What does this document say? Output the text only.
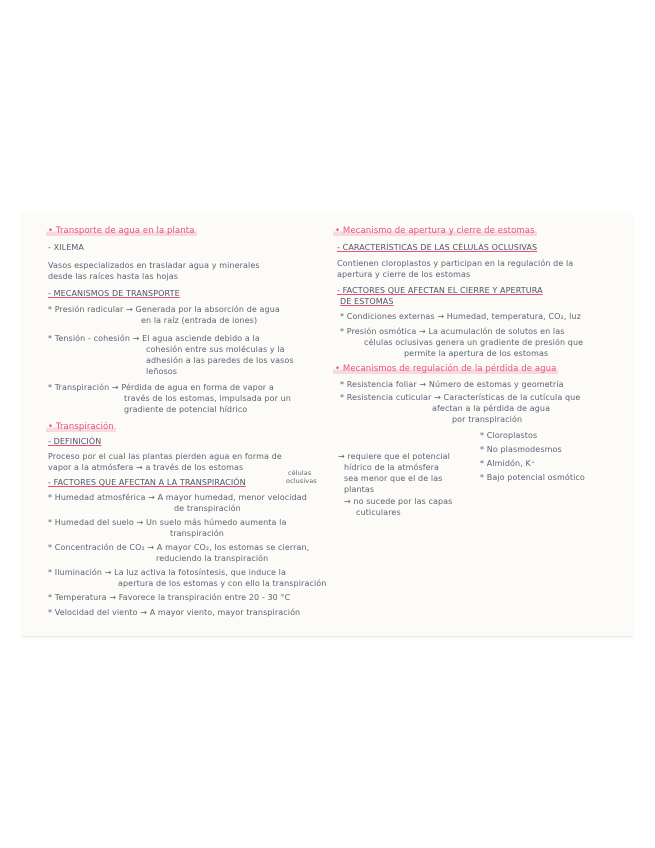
• Transporte de agua en la planta

- XILEMA

Vasos especializados en trasladar agua y minerales

desde las raíces hasta las hojas

- MECANISMOS DE TRANSPORTE

* Presión radicular → Generada por la absorción de agua

en la raíz (entrada de iones)

* Tensión - cohesión → El agua asciende debido a la

cohesión entre sus moléculas y la

adhesión a las paredes de los vasos

leñosos

* Transpiración → Pérdida de agua en forma de vapor a

través de los estomas, impulsada por un

gradiente de potencial hídrico

• Transpiración

- DEFINICIÓN

Proceso por el cual las plantas pierden agua en forma de

vapor a la atmósfera → a través de los estomas

células

oclusivas

- FACTORES QUE AFECTAN A LA TRANSPIRACIÓN

→ requiere que el potencial

hídrico de la atmósfera

sea menor que el de las

plantas

→ no sucede por las capas

cuticulares

* Humedad atmosférica → A mayor humedad, menor velocidad

de transpiración

* Humedad del suelo → Un suelo más húmedo aumenta la

transpiración

* Concentración de CO₂ → A mayor CO₂, los estomas se cierran,

reduciendo la transpiración

* Iluminación → La luz activa la fotosíntesis, que induce la

apertura de los estomas y con ello la transpiración

* Temperatura → Favorece la transpiración entre 20 - 30 °C

* Velocidad del viento → A mayor viento, mayor transpiración

• Mecanismo de apertura y cierre de estomas

- CARACTERÍSTICAS DE LAS CÉLULAS OCLUSIVAS

Contienen cloroplastos y participan en la regulación de la

apertura y cierre de los estomas

- FACTORES QUE AFECTAN EL CIERRE Y APERTURA

DE ESTOMAS

* Condiciones externas → Humedad, temperatura, CO₂, luz

* Presión osmótica → La acumulación de solutos en las

células oclusivas genera un gradiente de presión que

permite la apertura de los estomas

• Mecanismos de regulación de la pérdida de agua

* Resistencia foliar → Número de estomas y geometría

* Resistencia cuticular → Características de la cutícula que

afectan a la pérdida de agua

por transpiración

* Cloroplastos

* No plasmodesmos

* Almidón, K⁺

* Bajo potencial osmótico
